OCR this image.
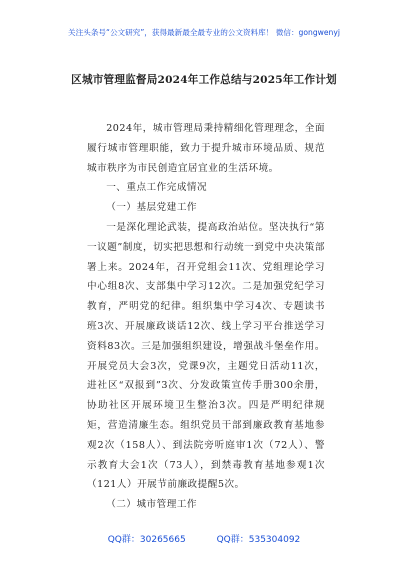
关注头条号“公文研究”，获得最新最全最专业的公文资料库！ 微信：gongwenyj
区城市管理监督局2024年工作总结与2025年工作计划

2024年，城市管理局秉持精细化管理理念，全面履行城市管理职能，致力于提升城市环境品质、规范城市秩序为市民创造宜居宜业的生活环境。

一、重点工作完成情况

（一）基层党建工作

一是深化理论武装，提高政治站位。坚决执行“第一议题”制度，切实把思想和行动统一到党中央决策部署上来。2024年，召开党组会11次、党组理论学习中心组8次、支部集中学习12次。二是加强党纪学习教育，严明党的纪律。组织集中学习4次、专题读书班3次、开展廉政谈话12次、线上学习平台推送学习资料83次。三是加强组织建设，增强战斗堡垒作用。开展党员大会3次，党课9次，主题党日活动11次，进社区“双报到”3次、分发政策宣传手册300余册，协助社区开展环境卫生整治3次。四是严明纪律规矩，营造清廉生态。组织党员干部到廉政教育基地参观2次（158人）、到法院旁听庭审1次（72人）、警示教育大会1次（73人），到禁毒教育基地参观1次（121人）开展节前廉政提醒5次。

（二）城市管理工作

QQ群：30265665	QQ群：535304092
